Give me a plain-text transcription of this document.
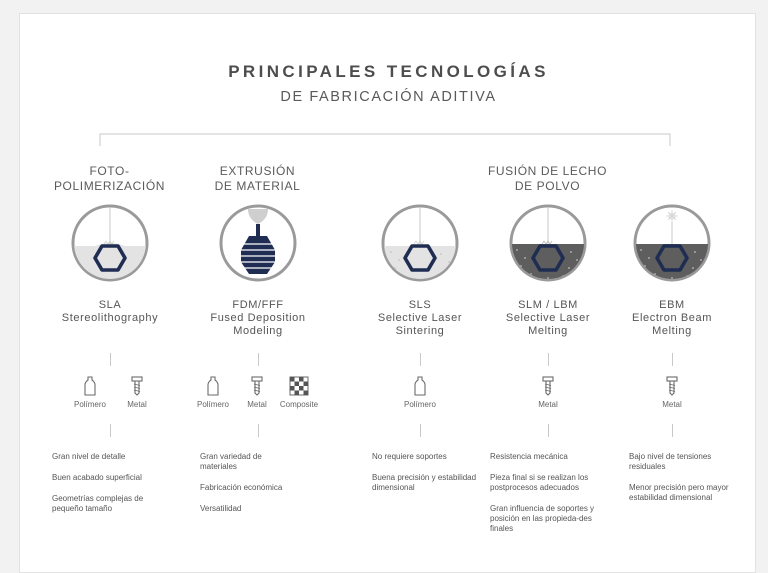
PRINCIPALES TECNOLOGÍAS
DE FABRICACIÓN ADITIVA
FOTO-
POLIMERIZACIÓN
EXTRUSIÓN
DE MATERIAL
FUSIÓN DE LECHO
DE POLVO
SLA
Stereolithography
FDM/FFF
Fused Deposition
Modeling
SLS
Selective Laser
Sintering
SLM / LBM
Selective Laser
Melting
EBM
Electron Beam
Melting
Polímero	Metal	Polímero	Metal	Composite	Polímero	Metal	Metal
Gran nivel de detalle
Buen acabado superficial
Geometrías complejas de pequeño tamaño
Gran variedad de materiales
Fabricación económica
Versatilidad
No requiere soportes
Buena precisión y estabilidad dimensional
Resistencia mecánica
Pieza final si se realizan los postprocesos adecuados
Gran influencia de soportes y posición en las propieda-des finales
Bajo nivel de tensiones residuales
Menor precisión pero mayor estabilidad dimensional
